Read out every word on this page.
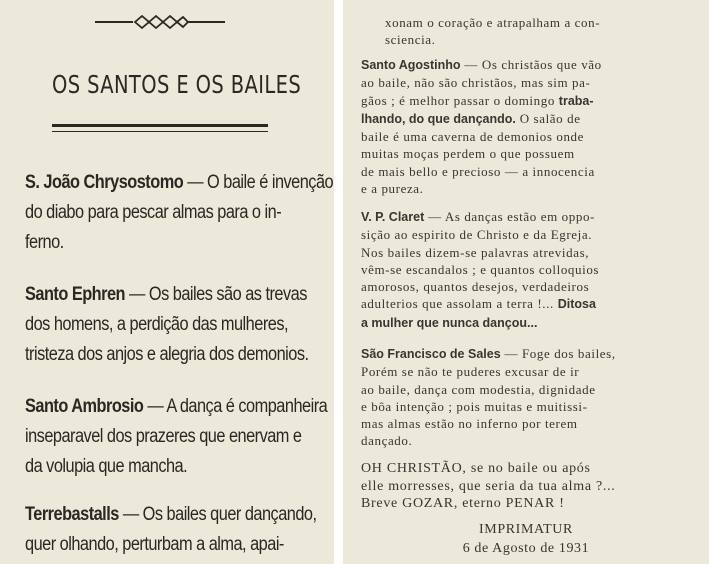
OS SANTOS E OS BAILES
S. João Chrysostomo — O baile é invenção
do diabo para pescar almas para o in-
ferno.
Santo Ephren — Os bailes são as trevas
dos homens, a perdição das mulheres,
tristeza dos anjos e alegria dos demonios.
Santo Ambrosio — A dança é companheira
inseparavel dos prazeres que enervam e
da volupia que mancha.
Terrebastalls — Os bailes quer dançando,
quer olhando, perturbam a alma, apai-
xonam o coração e atrapalham a con-
sciencia.
Santo Agostinho — Os christãos que vão
ao baile, não são christãos, mas sim pa-
gãos ; é melhor passar o domingo traba-
lhando, do que dançando. O salão de
baile é uma caverna de demonios onde
muitas moças perdem o que possuem
de mais bello e precioso — a innocencia
e a pureza.
V. P. Claret — As danças estão em oppo-
sição ao espirito de Christo e da Egreja.
Nos bailes dizem-se palavras atrevidas,
vêm-se escandalos ; e quantos colloquios
amorosos, quantos desejos, verdadeiros
adulterios que assolam a terra !... Ditosa
a mulher que nunca dançou...
São Francisco de Sales — Foge dos bailes,
Porém se não te puderes excusar de ir
ao baile, dança com modestia, dignidade
e bôa intenção ; pois muitas e muitissi-
mas almas estão no inferno por terem
dançado.
OH CHRISTÃO, se no baile ou após
elle morresses, que seria da tua alma ?...
Breve GOZAR, eterno PENAR !
IMPRIMATUR
6 de Agosto de 1931
